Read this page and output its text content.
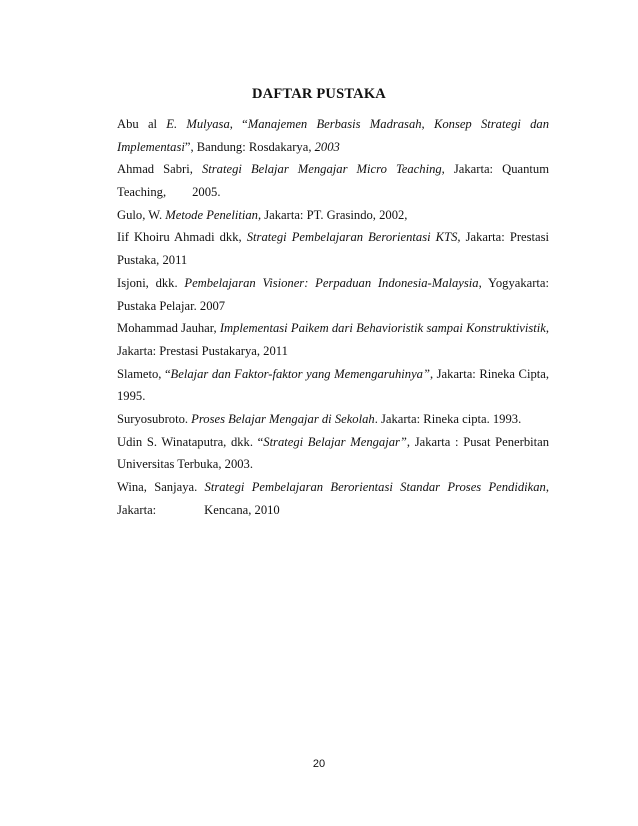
DAFTAR PUSTAKA
Abu al E. Mulyasa, “Manajemen Berbasis Madrasah, Konsep Strategi dan
Implementasi”, Bandung: Rosdakarya, 2003
Ahmad Sabri, Strategi Belajar Mengajar Micro Teaching, Jakarta: Quantum
Teaching, 2005.
Gulo, W. Metode Penelitian, Jakarta: PT. Grasindo, 2002,
Iif Khoiru Ahmadi dkk, Strategi Pembelajaran Berorientasi KTS, Jakarta: Prestasi
Pustaka, 2011
Isjoni, dkk. Pembelajaran Visioner: Perpaduan Indonesia-Malaysia, Yogyakarta:
Pustaka Pelajar. 2007
Mohammad Jauhar, Implementasi Paikem dari Behavioristik sampai Konstruktivistik,
Jakarta: Prestasi Pustakarya, 2011
Slameto, “Belajar dan Faktor-faktor yang Memengaruhinya”, Jakarta: Rineka Cipta,
1995.
Suryosubroto. Proses Belajar Mengajar di Sekolah. Jakarta: Rineka cipta. 1993.
Udin S. Winataputra, dkk. “Strategi Belajar Mengajar”, Jakarta : Pusat Penerbitan
Universitas Terbuka, 2003.
Wina, Sanjaya. Strategi Pembelajaran Berorientasi Standar Proses Pendidikan,
Jakarta:	Kencana, 2010
20
